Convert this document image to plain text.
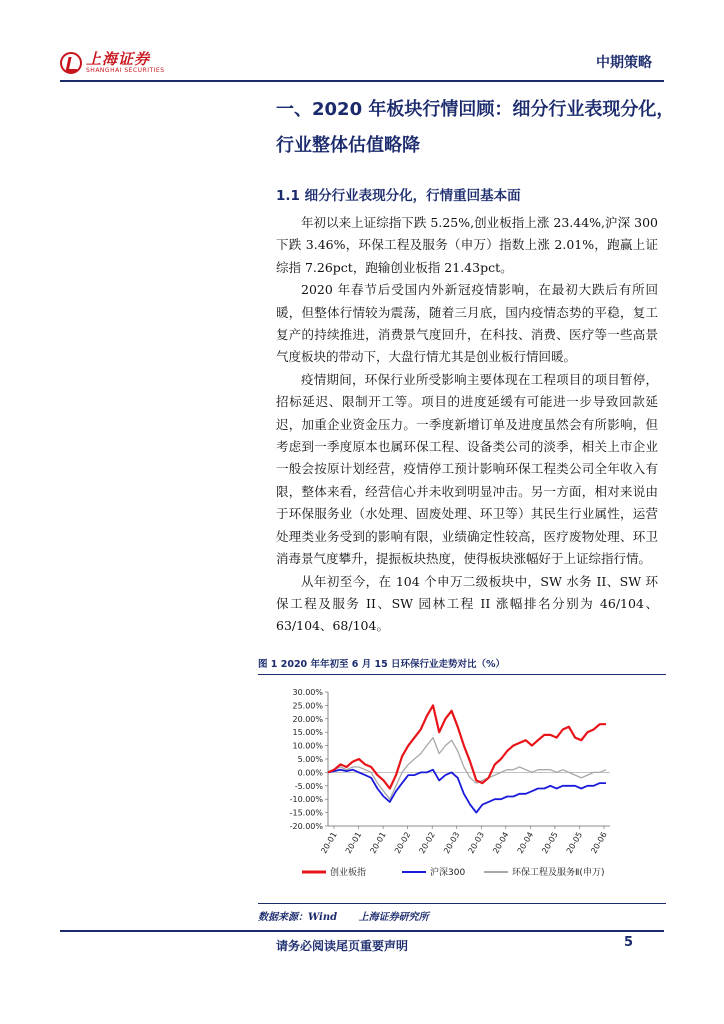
上海证券
SHANGHAI SECURITIES	中期策略
一、2020 年板块行情回顾：细分行业表现分化，
行业整体估值略降
1.1 细分行业表现分化，行情重回基本面

年初以来上证综指下跌 5.25%,创业板指上涨 23.44%,沪深 300 下跌 3.46%，环保工程及服务（申万）指数上涨 2.01%，跑赢上证综指 7.26pct，跑输创业板指 21.43pct。

2020 年春节后受国内外新冠疫情影响，在最初大跌后有所回暖，但整体行情较为震荡，随着三月底，国内疫情态势的平稳，复工复产的持续推进，消费景气度回升，在科技、消费、医疗等一些高景气度板块的带动下，大盘行情尤其是创业板行情回暖。

疫情期间，环保行业所受影响主要体现在工程项目的项目暂停，招标延迟、限制开工等。项目的进度延缓有可能进一步导致回款延迟，加重企业资金压力。一季度新增订单及进度虽然会有所影响，但考虑到一季度原本也属环保工程、设备类公司的淡季，相关上市企业一般会按原计划经营，疫情停工预计影响环保工程类公司全年收入有限，整体来看，经营信心并未收到明显冲击。另一方面，相对来说由于环保服务业（水处理、固废处理、环卫等）其民生行业属性，运营处理类业务受到的影响有限，业绩确定性较高，医疗废物处理、环卫消毒景气度攀升，提振板块热度，使得板块涨幅好于上证综指行情。

从年初至今，在 104 个申万二级板块中，SW 水务 II、SW 环保工程及服务 II、SW 园林工程 II 涨幅排名分别为 46/104、63/104、68/104。

图 1 2020 年年初至 6 月 15 日环保行业走势对比（%）
30.00%
25.00%
20.00%
15.00%
10.00%
5.00%
0.00%
-5.00%
-10.00%
-15.00%
-20.00%
20-01 20-01 20-01 20-02 20-02 20-03 20-03 20-04 20-04 20-05 20-05 20-06
创业板指	沪深300	环保工程及服务Ⅱ(申万)
数据来源：Wind 上海证券研究所
请务必阅读尾页重要声明	5
